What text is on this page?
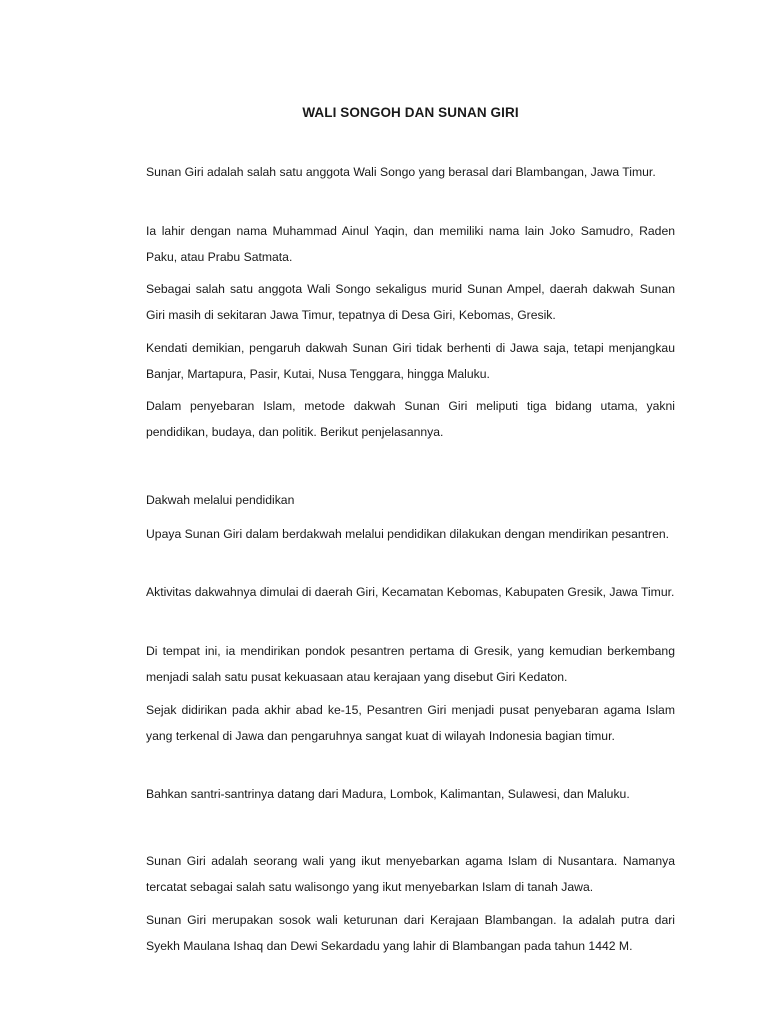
WALI SONGOH DAN SUNAN GIRI

Sunan Giri adalah salah satu anggota Wali Songo yang berasal dari Blambangan, Jawa Timur.

Ia lahir dengan nama Muhammad Ainul Yaqin, dan memiliki nama lain Joko Samudro, Raden Paku, atau Prabu Satmata.

Sebagai salah satu anggota Wali Songo sekaligus murid Sunan Ampel, daerah dakwah Sunan Giri masih di sekitaran Jawa Timur, tepatnya di Desa Giri, Kebomas, Gresik.

Kendati demikian, pengaruh dakwah Sunan Giri tidak berhenti di Jawa saja, tetapi menjangkau Banjar, Martapura, Pasir, Kutai, Nusa Tenggara, hingga Maluku.

Dalam penyebaran Islam, metode dakwah Sunan Giri meliputi tiga bidang utama, yakni pendidikan, budaya, dan politik. Berikut penjelasannya.

Dakwah melalui pendidikan

Upaya Sunan Giri dalam berdakwah melalui pendidikan dilakukan dengan mendirikan pesantren.

Aktivitas dakwahnya dimulai di daerah Giri, Kecamatan Kebomas, Kabupaten Gresik, Jawa Timur.

Di tempat ini, ia mendirikan pondok pesantren pertama di Gresik, yang kemudian berkembang menjadi salah satu pusat kekuasaan atau kerajaan yang disebut Giri Kedaton.

Sejak didirikan pada akhir abad ke-15, Pesantren Giri menjadi pusat penyebaran agama Islam yang terkenal di Jawa dan pengaruhnya sangat kuat di wilayah Indonesia bagian timur.

Bahkan santri-santrinya datang dari Madura, Lombok, Kalimantan, Sulawesi, dan Maluku.

Sunan Giri adalah seorang wali yang ikut menyebarkan agama Islam di Nusantara. Namanya tercatat sebagai salah satu walisongo yang ikut menyebarkan Islam di tanah Jawa.

Sunan Giri merupakan sosok wali keturunan dari Kerajaan Blambangan. Ia adalah putra dari Syekh Maulana Ishaq dan Dewi Sekardadu yang lahir di Blambangan pada tahun 1442 M.
